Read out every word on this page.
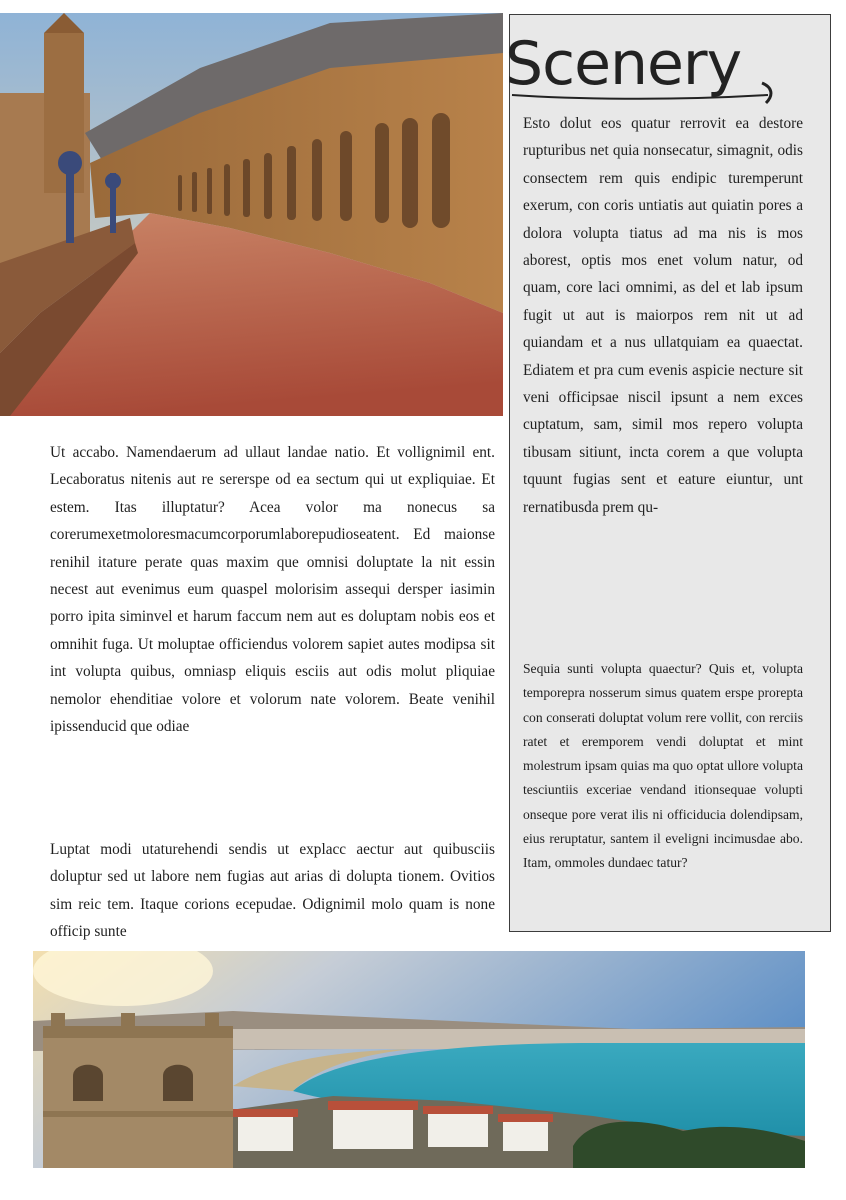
Scenery

Esto dolut eos quatur rerrovit ea destore rupturibus net quia nonsecatur, simagnit, odis consectem rem quis endipic turemperunt exerum, con coris untiatis aut quiatin pores a dolora volupta tiatus ad ma nis is mos aborest, optis mos enet volum natur, od quam, core laci omnimi, as del et lab ipsum fugit ut aut is maiorpos rem nit ut ad quiandam et a nus ullatquiam ea quaectat. Ediatem et pra cum evenis aspicie necture sit veni officipsae niscil ipsunt a nem exces cuptatum, sam, simil mos repero volupta tibusam sitiunt, incta corem a que volupta tquunt fugias sent et eature eiuntur, unt rernatibusda prem qu-

Sequia sunti volupta quaectur? Quis et, volupta temporepra nosserum simus quatem erspe prorepta con conserati doluptat volum rere vollit, con rerciis ratet et eremporem vendi doluptat et mint molestrum ipsam quias ma quo optat ullore volupta tesciuntiis exceriae vendand itionsequae volupti onseque pore verat ilis ni officiducia dolendipsam, eius reruptatur, santem il eveligni incimusdae abo. Itam, ommoles dundaec tatur?

Ut accabo. Namendaerum ad ullaut landae natio. Et vollignimil ent. Lecaboratus nitenis aut re sererspe od ea sectum qui ut expliquiae. Et estem. Itas illuptatur? Acea volor ma nonecus sa corerumexetmoloresmacumcorporumlaborepudioseatent. Ed maionse renihil itature perate quas maxim que omnisi doluptate la nit essin necest aut evenimus eum quaspel molorisim assequi dersper iasimin porro ipita siminvel et harum faccum nem aut es doluptam nobis eos et omnihit fuga. Ut moluptae officiendus volorem sapiet autes modipsa sit int volupta quibus, omniasp eliquis esciis aut odis molut pliquiae nemolor ehenditiae volore et volorum nate volorem. Beate venihil ipissenducid que odiae

Luptat modi utaturehendi sendis ut explacc aectur aut quibusciis doluptur sed ut labore nem fugias aut arias di dolupta tionem. Ovitios sim reic tem. Itaque corions ecepudae. Odignimil molo quam is none officip sunte
